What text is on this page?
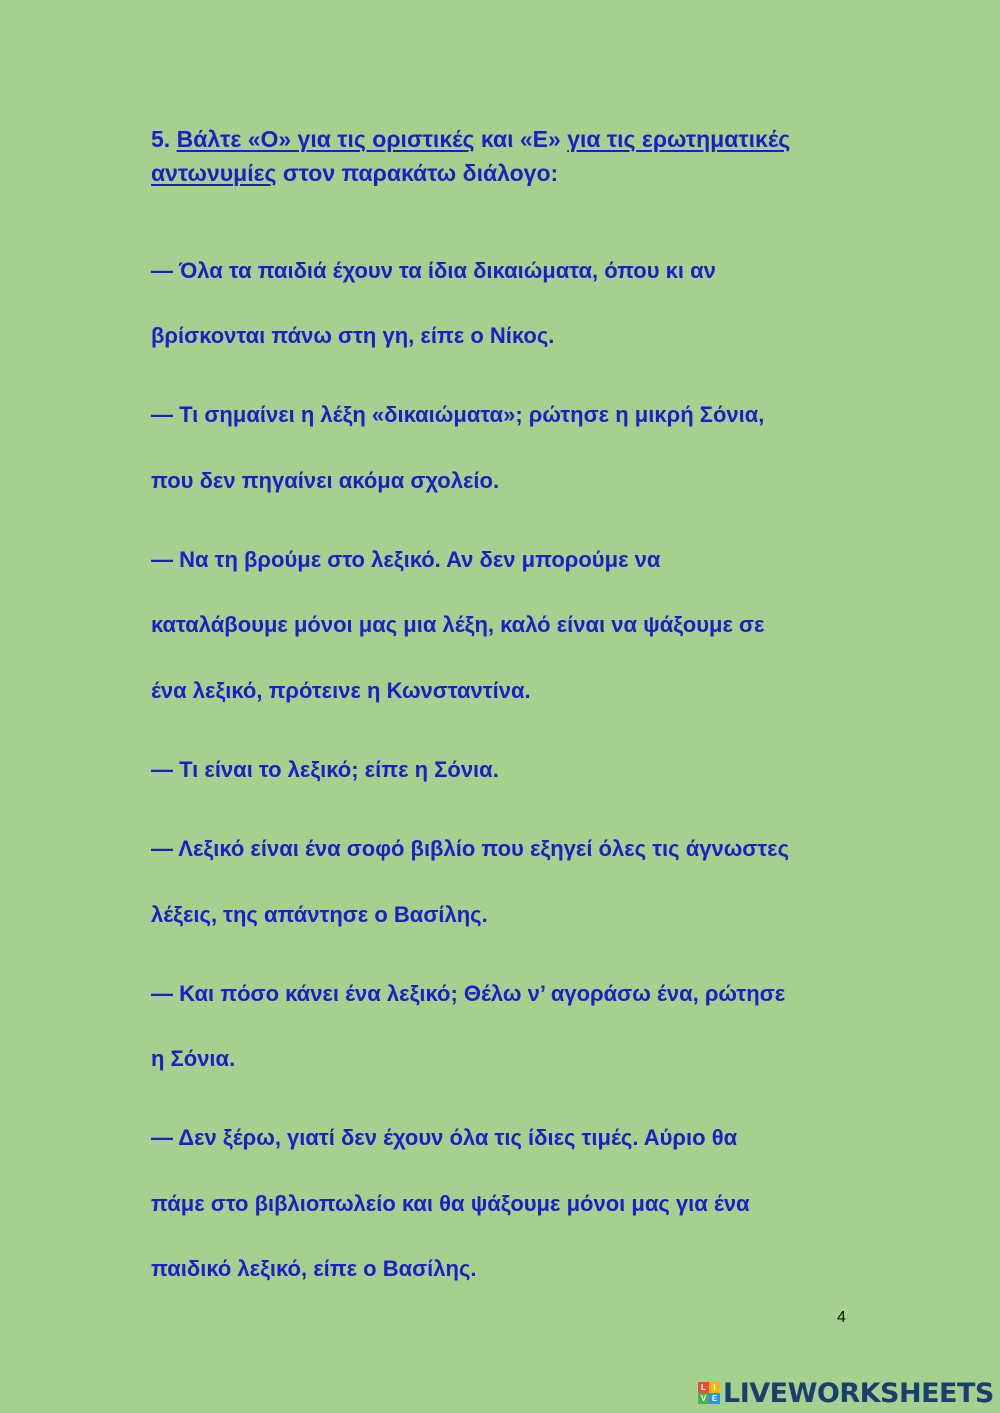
5. Βάλτε «Ο» για τις οριστικές και «Ε» για τις ερωτηματικές αντωνυμίες στον παρακάτω διάλογο:
— Όλα τα παιδιά έχουν τα ίδια δικαιώματα, όπου κι αν
βρίσκονται πάνω στη γη, είπε ο Νίκος.
— Τι σημαίνει η λέξη «δικαιώματα»; ρώτησε η μικρή Σόνια,
που δεν πηγαίνει ακόμα σχολείο.
— Να τη βρούμε στο λεξικό. Αν δεν μπορούμε να
καταλάβουμε μόνοι μας μια λέξη, καλό είναι να ψάξουμε σε
ένα λεξικό, πρότεινε η Κωνσταντίνα.
— Τι είναι το λεξικό; είπε η Σόνια.
— Λεξικό είναι ένα σοφό βιβλίο που εξηγεί όλες τις άγνωστες
λέξεις, της απάντησε ο Βασίλης.
— Και πόσο κάνει ένα λεξικό; Θέλω ν’ αγοράσω ένα, ρώτησε
η Σόνια.
— Δεν ξέρω, γιατί δεν έχουν όλα τις ίδιες τιμές. Αύριο θα
πάμε στο βιβλιοπωλείο και θα ψάξουμε μόνοι μας για ένα
παιδικό λεξικό, είπε ο Βασίλης.
4
L I
V E LIVEWORKSHEETS
